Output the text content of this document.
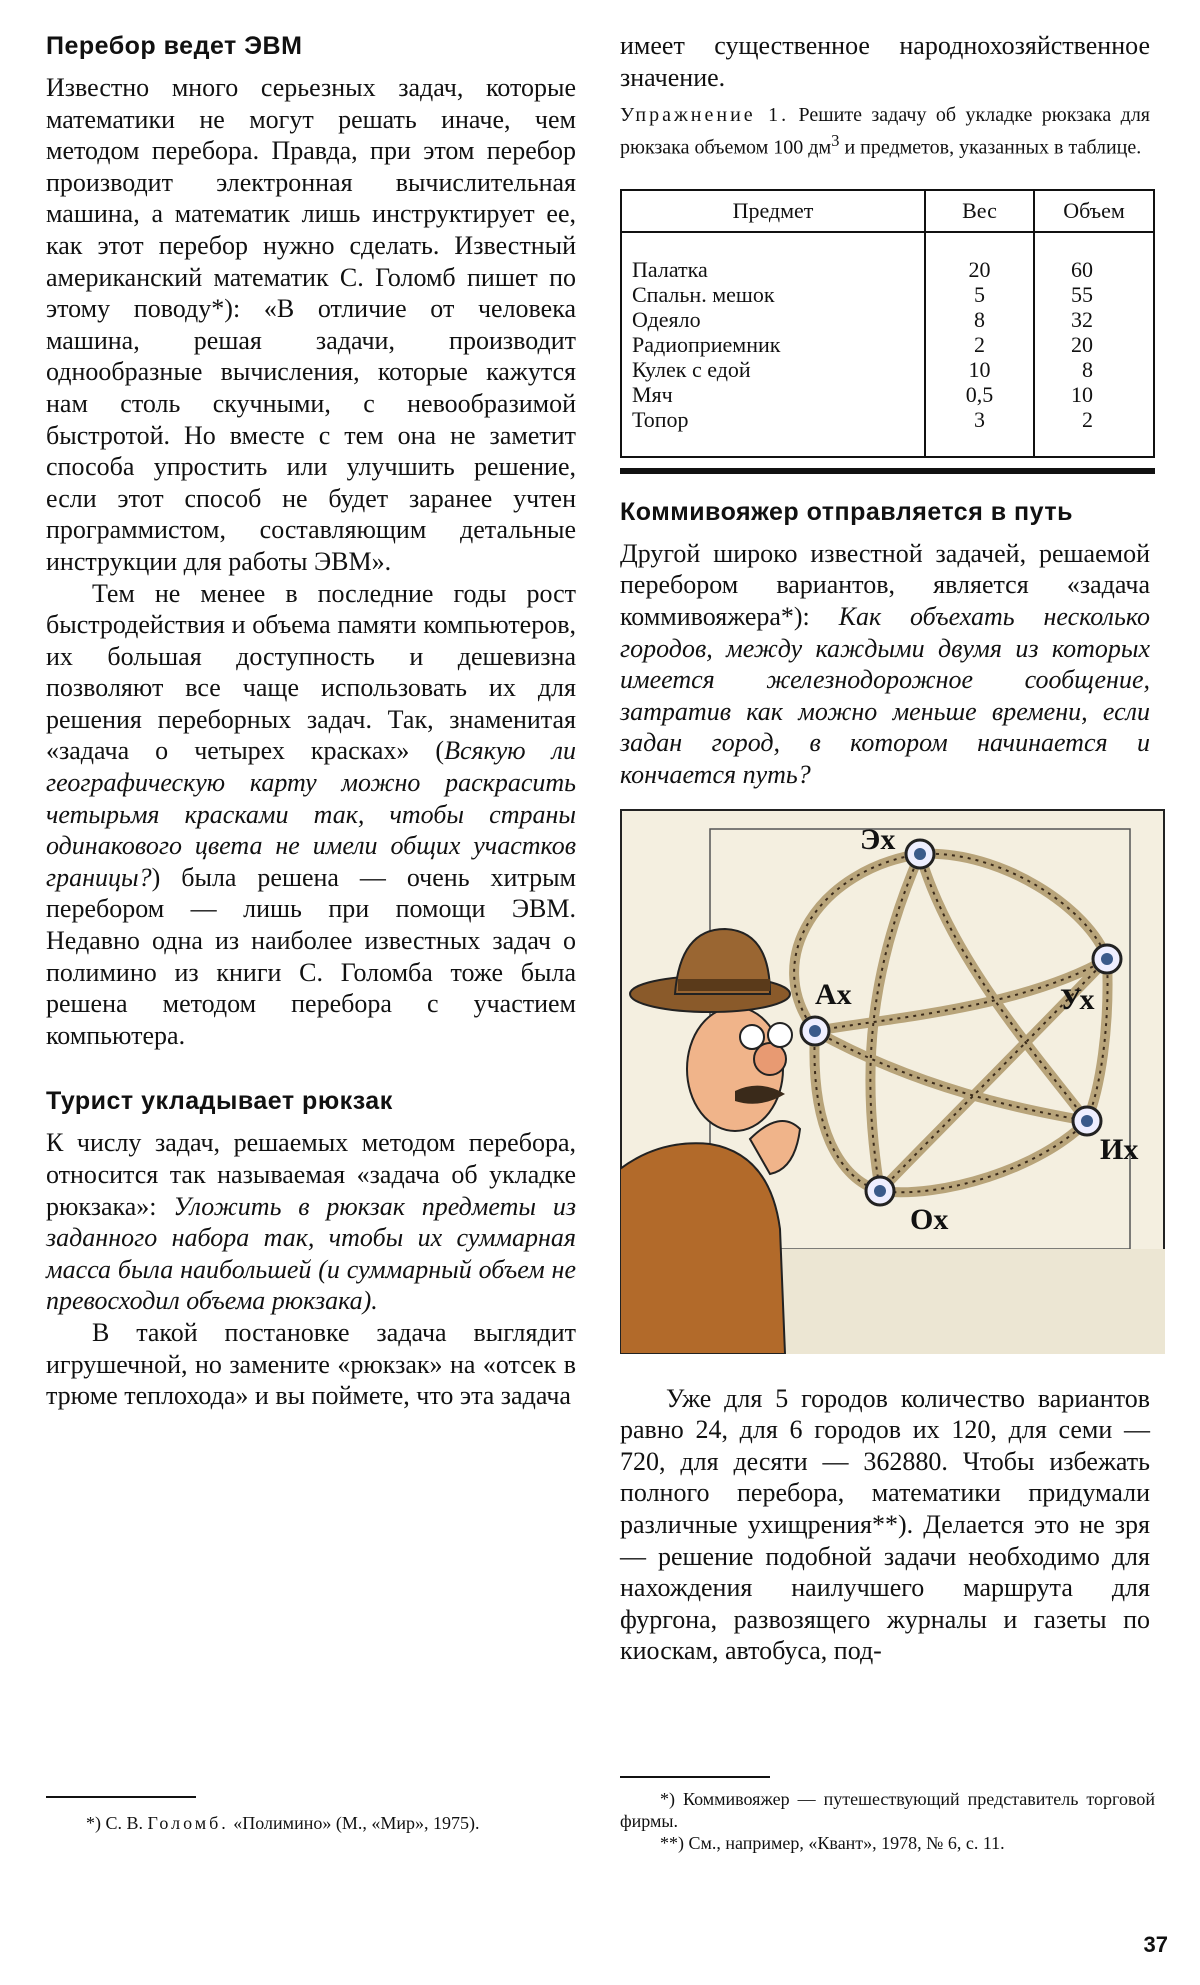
Перебор ведет ЭВМ

Известно много серьезных задач, которые математики не могут решать иначе, чем методом перебора. Правда, при этом перебор производит электронная вычислительная машина, а математик лишь инструктирует ее, как этот перебор нужно сделать. Известный американский математик С. Голомб пишет по этому поводу*): «В отличие от человека машина, решая задачи, производит однообразные вычисления, которые кажутся нам столь скучными, с невообразимой быстротой. Но вместе с тем она не заметит способа упростить или улучшить решение, если этот способ не будет заранее учтен программистом, составляющим детальные инструкции для работы ЭВМ».

Тем не менее в последние годы рост быстродействия и объема памяти компьютеров, их большая доступность и дешевизна позволяют все чаще использовать их для решения переборных задач. Так, знаменитая «задача о четырех красках» (Всякую ли географическую карту можно раскрасить четырьмя красками так, чтобы страны одинакового цвета не имели общих участков границы?) была решена — очень хитрым перебором — лишь при помощи ЭВМ. Недавно одна из наиболее известных задач о полимино из книги С. Голомба тоже была решена методом перебора с участием компьютера.

Турист укладывает рюкзак

К числу задач, решаемых методом перебора, относится так называемая «задача об укладке рюкзака»: Уложить в рюкзак предметы из заданного набора так, чтобы их суммарная масса была наибольшей (и суммарный объем не превосходил объема рюкзака).

В такой постановке задача выглядит игрушечной, но замените «рюкзак» на «отсек в трюме теплохода» и вы поймете, что эта задача

*) С. В. Голомб. «Полимино» (М., «Мир», 1975).

имеет существенное народнохозяйственное значение.

Упражнение 1. Решите задачу об укладке рюкзака для рюкзака объемом 100 $дм^3$ и предметов, указанных в таблице.
Предмет	Вес	Объем
Палатка	20	60
Спальн. мешок	5	55
Одеяло	8	32
Радиоприемник	2	20
Кулек с едой	10	8
Мяч	0,5	10
Топор	3	2
Коммивояжер отправляется в путь

Другой широко известной задачей, решаемой перебором вариантов, является «задача коммивояжера*): Как объехать несколько городов, между каждыми двумя из которых имеется железнодорожное сообщение, затратив как можно меньше времени, если задан город, в котором начинается и кончается путь?

Эх
Ух
Их
Ох
Ах

Уже для 5 городов количество вариантов равно 24, для 6 городов их 120, для семи — 720, для десяти — 362880. Чтобы избежать полного перебора, математики придумали различные ухищрения**). Делается это не зря — решение подобной задачи необходимо для нахождения наилучшего маршрута для фургона, развозящего журналы и газеты по киоскам, автобуса, под-

*) Коммивояжер — путешествующий представитель торговой фирмы.
**) См., например, «Квант», 1978, № 6, с. 11.
37
